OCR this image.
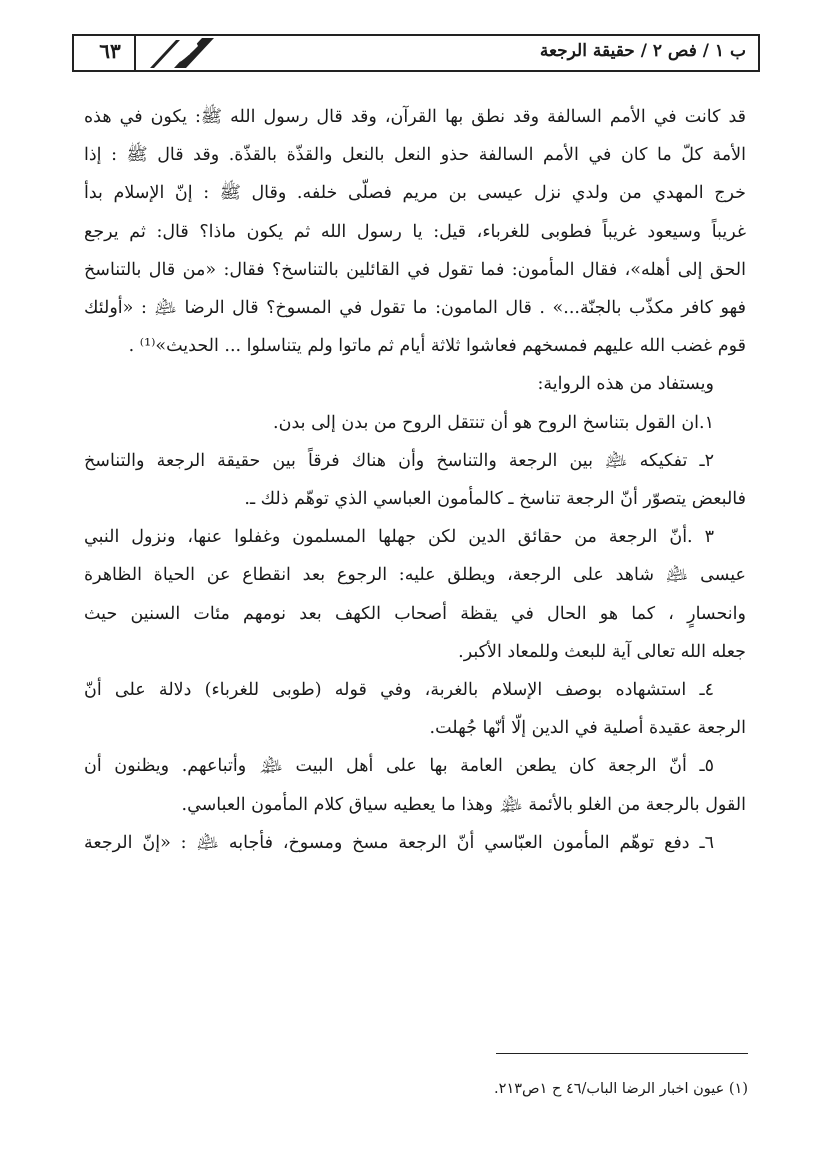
ب ١ / فص ٢ / حقيقة الرجعة
٦٣

قد كانت في الأمم السالفة وقد نطق بها القرآن، وقد قال رسول الله ﷺ: يكون في هذه
الأمة كلّ ما كان في الأمم السالفة حذو النعل بالنعل والقذّة بالقذّة. وقد قال ﷺ : إذا
خرج المهدي من ولدي نزل عيسى بن مريم فصلّى خلفه. وقال ﷺ : إنّ الإسلام بدأ
غريباً وسيعود غريباً فطوبى للغرباء، قيل: يا رسول الله ثم يكون ماذا؟ قال: ثم يرجع
الحق إلى أهله»، فقال المأمون: فما تقول في القائلين بالتناسخ؟ فقال: «من قال بالتناسخ
فهو كافر مكذّب بالجنّة...» . قال المامون: ما تقول في المسوخ؟ قال الرضا ﵇ : «أولئك
قوم غضب الله عليهم فمسخهم فعاشوا ثلاثة أيام ثم ماتوا ولم يتناسلوا ... الحديث»⁽¹⁾ .

ويستفاد من هذه الرواية:

١.ان القول بتناسخ الروح هو أن تنتقل الروح من بدن إلى بدن.

٢ـ تفكيكه ﵇ بين الرجعة والتناسخ وأن هناك فرقاً بين حقيقة الرجعة والتناسخ
فالبعض يتصوّر أنّ الرجعة تناسخ ـ كالمأمون العباسي الذي توهّم ذلك ـ.

٣ .أنّ الرجعة من حقائق الدين لكن جهلها المسلمون وغفلوا عنها، ونزول النبي
عيسى ﵇ شاهد على الرجعة، ويطلق عليه: الرجوع بعد انقطاع عن الحياة الظاهرة
وانحسارٍ ، كما هو الحال في يقظة أصحاب الكهف بعد نومهم مئات السنين حيث
جعله الله تعالى آية للبعث وللمعاد الأكبر.

٤ـ استشهاده بوصف الإسلام بالغربة، وفي قوله (طوبى للغرباء) دلالة على أنّ
الرجعة عقيدة أصلية في الدين إلّا أنّها جُهلت.

٥ـ أنّ الرجعة كان يطعن العامة بها على أهل البيت ﵈ وأتباعهم. ويظنون أن
القول بالرجعة من الغلو بالأئمة ﵈ وهذا ما يعطيه سياق كلام المأمون العباسي.

٦ـ دفع توهّم المأمون العبّاسي أنّ الرجعة مسخ ومسوخ، فأجابه ﵇ : «إنّ الرجعة

(١) عيون اخبار الرضا الباب/٤٦ ح ١ص٢١٣.
